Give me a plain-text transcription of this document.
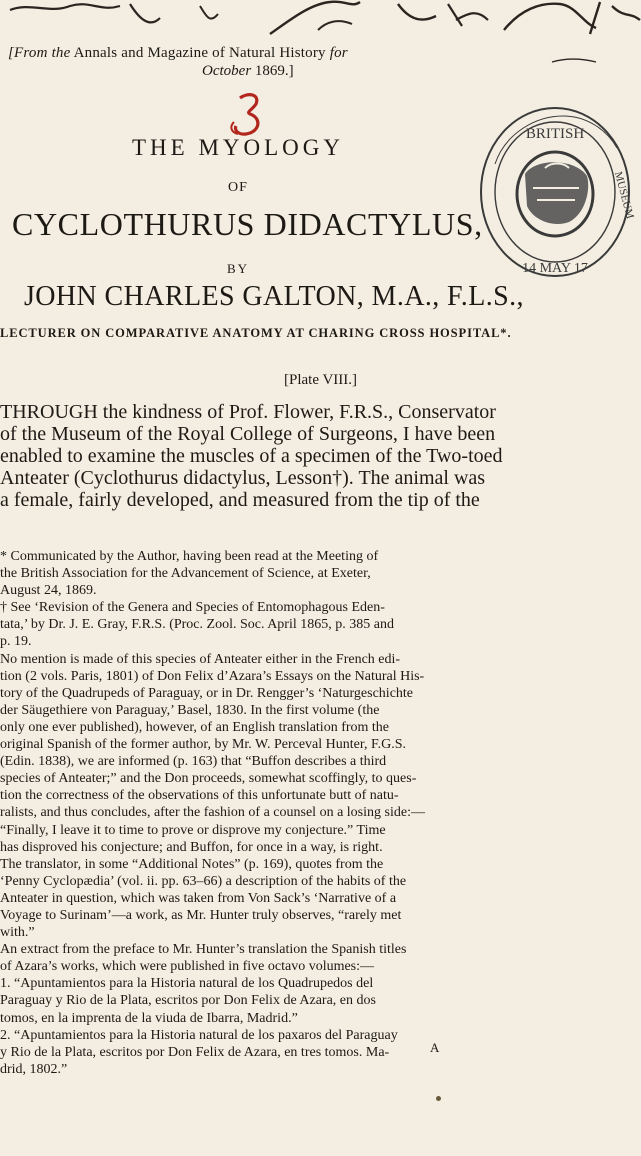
[From the Annals and Magazine of Natural History for
October 1869.]
THE MYOLOGY
OF
CYCLOTHURUS DIDACTYLUS,
BY
JOHN CHARLES GALTON, M.A., F.L.S.,
LECTURER ON COMPARATIVE ANATOMY AT CHARING CROSS HOSPITAL*.
BRITISH
14 MAY 17
MUSEUM
[Plate VIII.]

THROUGH the kindness of Prof. Flower, F.R.S., Conservator

of the Museum of the Royal College of Surgeons, I have been

enabled to examine the muscles of a specimen of the Two-toed

Anteater (Cyclothurus didactylus, Lesson†). The animal was

a female, fairly developed, and measured from the tip of the

* Communicated by the Author, having been read at the Meeting of

the British Association for the Advancement of Science, at Exeter,

August 24, 1869.

† See ‘Revision of the Genera and Species of Entomophagous Eden-

tata,’ by Dr. J. E. Gray, F.R.S. (Proc. Zool. Soc. April 1865, p. 385 and

p. 19.

No mention is made of this species of Anteater either in the French edi-

tion (2 vols. Paris, 1801) of Don Felix d’Azara’s Essays on the Natural His-

tory of the Quadrupeds of Paraguay, or in Dr. Rengger’s ‘Naturgeschichte

der Säugethiere von Paraguay,’ Basel, 1830. In the first volume (the

only one ever published), however, of an English translation from the

original Spanish of the former author, by Mr. W. Perceval Hunter, F.G.S.

(Edin. 1838), we are informed (p. 163) that “Buffon describes a third

species of Anteater;” and the Don proceeds, somewhat scoffingly, to ques-

tion the correctness of the observations of this unfortunate butt of natu-

ralists, and thus concludes, after the fashion of a counsel on a losing side:—

“Finally, I leave it to time to prove or disprove my conjecture.” Time

has disproved his conjecture; and Buffon, for once in a way, is right.

The translator, in some “Additional Notes” (p. 169), quotes from the

‘Penny Cyclopædia’ (vol. ii. pp. 63–66) a description of the habits of the

Anteater in question, which was taken from Von Sack’s ‘Narrative of a

Voyage to Surinam’—a work, as Mr. Hunter truly observes, “rarely met

with.”

An extract from the preface to Mr. Hunter’s translation the Spanish titles

of Azara’s works, which were published in five octavo volumes:—

1. “Apuntamientos para la Historia natural de los Quadrupedos del

Paraguay y Rio de la Plata, escritos por Don Felix de Azara, en dos

tomos, en la imprenta de la viuda de Ibarra, Madrid.”

2. “Apuntamientos para la Historia natural de los paxaros del Paraguay

y Rio de la Plata, escritos por Don Felix de Azara, en tres tomos. Ma-

drid, 1802.”

A
